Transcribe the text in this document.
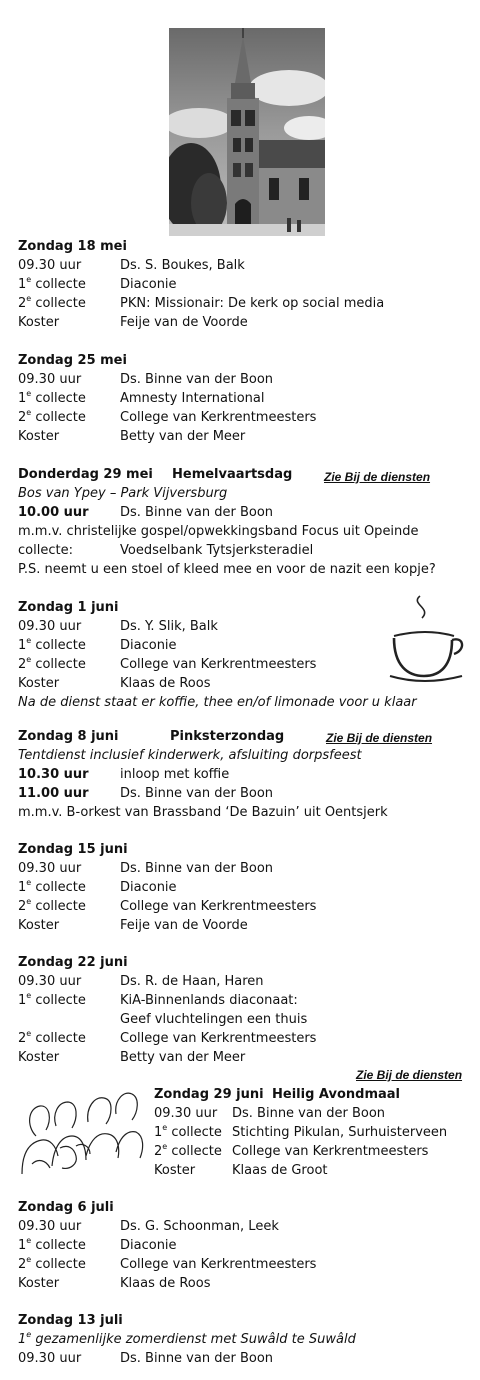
Zondag 18 mei
09.30 uur	Ds. S. Boukes, Balk
1e collecte	Diaconie
2e collecte	PKN: Missionair: De kerk op social media
Koster	Feije van de Voorde
Zondag 25 mei
09.30 uur	Ds. Binne van der Boon
1e collecte	Amnesty International
2e collecte	College van Kerkrentmeesters
Koster	Betty van der Meer
Donderdag 29 mei Hemelvaartsdag	Zie Bij de diensten
Bos van Ypey – Park Vijversburg
10.00 uur Ds. Binne van der Boon
m.m.v. christelijke gospel/opwekkingsband Focus uit Opeinde
collecte:	Voedselbank Tytsjerksteradiel
P.S. neemt u een stoel of kleed mee en voor de nazit een kopje?
Zondag 1 juni
09.30 uur	Ds. Y. Slik, Balk
1e collecte	Diaconie
2e collecte	College van Kerkrentmeesters
Koster	Klaas de Roos
Na de dienst staat er koffie, thee en/of limonade voor u klaar
Zondag 8 juni	Pinksterzondag	Zie Bij de diensten
Tentdienst inclusief kinderwerk, afsluiting dorpsfeest
10.30 uur inloop met koffie
11.00 uur Ds. Binne van der Boon
m.m.v. B-orkest van Brassband ‘De Bazuin’ uit Oentsjerk
Zondag 15 juni
09.30 uur	Ds. Binne van der Boon
1e collecte	Diaconie
2e collecte	College van Kerkrentmeesters
Koster	Feije van de Voorde
Zondag 22 juni
09.30 uur	Ds. R. de Haan, Haren
1e collecte	KiA-Binnenlands diaconaat:
Geef vluchtelingen een thuis
2e collecte	College van Kerkrentmeesters
Koster	Betty van der Meer
Zie Bij de diensten
Zondag 29 juni Heilig Avondmaal
09.30 uur Ds. Binne van der Boon
1e collecte Stichting Pikulan, Surhuisterveen
2e collecte College van Kerkrentmeesters
Koster	Klaas de Groot
Zondag 6 juli
09.30 uur	Ds. G. Schoonman, Leek
1e collecte	Diaconie
2e collecte	College van Kerkrentmeesters
Koster	Klaas de Roos
Zondag 13 juli
1e gezamenlijke zomerdienst met Suwâld te Suwâld
09.30 uur	Ds. Binne van der Boon
